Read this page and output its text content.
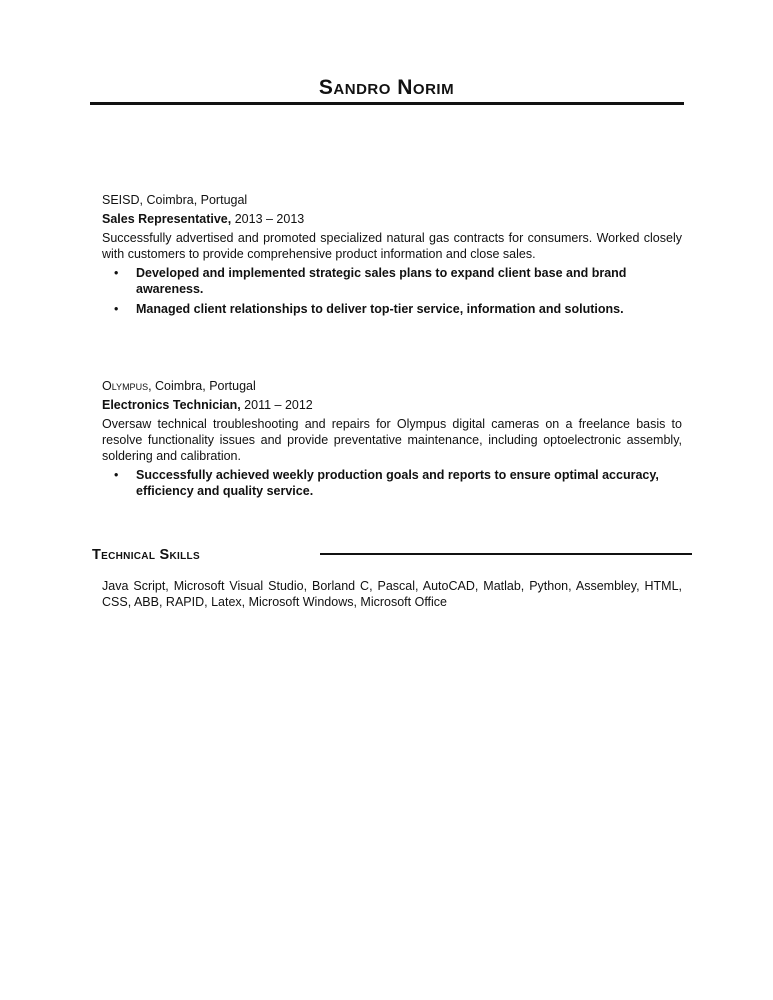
Sandro Norim
SEISD, Coimbra, Portugal
Sales Representative, 2013 – 2013
Successfully advertised and promoted specialized natural gas contracts for consumers. Worked closely with customers to provide comprehensive product information and close sales.
• Developed and implemented strategic sales plans to expand client base and brand awareness.
• Managed client relationships to deliver top-tier service, information and solutions.
Olympus, Coimbra, Portugal
Electronics Technician, 2011 – 2012
Oversaw technical troubleshooting and repairs for Olympus digital cameras on a freelance basis to resolve functionality issues and provide preventative maintenance, including optoelectronic assembly, soldering and calibration.
• Successfully achieved weekly production goals and reports to ensure optimal accuracy, efficiency and quality service.
Technical Skills
Java Script, Microsoft Visual Studio, Borland C, Pascal, AutoCAD, Matlab, Python, Assembley, HTML, CSS, ABB, RAPID, Latex, Microsoft Windows, Microsoft Office
